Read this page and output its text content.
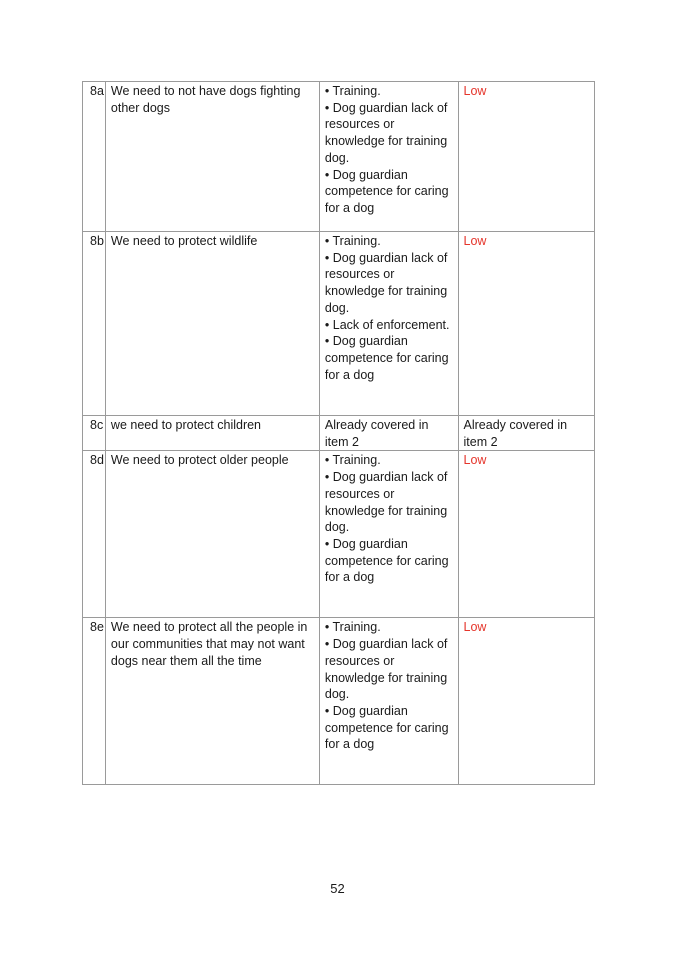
8a	We need to not have dogs fighting other dogs	• Training.
• Dog guardian lack of resources or knowledge for training dog.
• Dog guardian competence for caring for a dog	Low
8b	We need to protect wildlife	• Training.
• Dog guardian lack of resources or knowledge for training dog.
• Lack of enforcement.
• Dog guardian competence for caring for a dog	Low
8c	we need to protect children	Already covered in item 2	Already covered in item 2
8d	We need to protect older people	• Training.
• Dog guardian lack of resources or knowledge for training dog.
• Dog guardian competence for caring for a dog	Low
8e	We need to protect all the people in our communities that may not want dogs near them all the time	• Training.
• Dog guardian lack of resources or knowledge for training dog.
• Dog guardian competence for caring for a dog	Low
52
